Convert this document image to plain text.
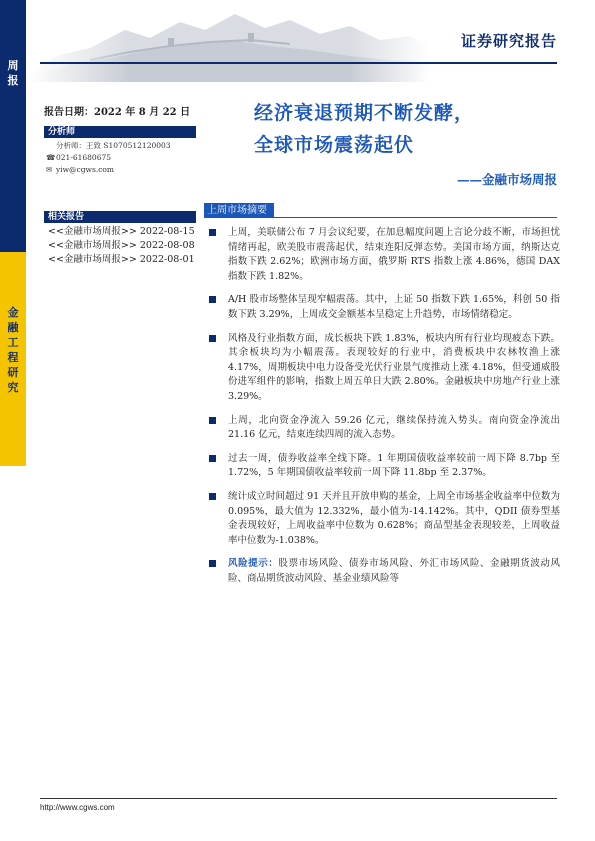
周
报
金
融
工
程
研
究
证券研究报告
报告日期：2022 年 8 月 22 日
分析师
分析师：王致 S1070512120003
☎021-61680675
✉ yiw@cgws.com
相关报告
<<金融市场周报>> 2022-08-15
<<金融市场周报>> 2022-08-08
<<金融市场周报>> 2022-08-01
经济衰退预期不断发酵，
全球市场震荡起伏
——金融市场周报
上周市场摘要
上周，美联储公布 7 月会议纪要，在加息幅度问题上言论分歧不断，市场担忧情绪再起，欧美股市震荡起伏，结束连阳反弹态势。美国市场方面，纳斯达克指数下跌 2.62%；欧洲市场方面，俄罗斯 RTS 指数上涨 4.86%，德国 DAX 指数下跌 1.82%。
A/H 股市场整体呈现窄幅震荡。其中，上证 50 指数下跌 1.65%，科创 50 指数下跌 3.29%，上周成交金额基本呈稳定上升趋势，市场情绪稳定。
风格及行业指数方面，成长板块下跌 1.83%，板块内所有行业均现疲态下跌。其余板块均为小幅震荡。表现较好的行业中，消费板块中农林牧渔上涨 4.17%，周期板块中电力设备受光伏行业景气度推动上涨 4.18%，但受通威股份进军组件的影响，指数上周五单日大跌 2.80%。金融板块中房地产行业上涨 3.29%。
上周，北向资金净流入 59.26 亿元，继续保持流入势头。南向资金净流出 21.16 亿元，结束连续四周的流入态势。
过去一周，债券收益率全线下降。1 年期国债收益率较前一周下降 8.7bp 至 1.72%，5 年期国债收益率较前一周下降 11.8bp 至 2.37%。
统计成立时间超过 91 天并且开放申购的基金，上周全市场基金收益率中位数为 0.095%，最大值为 12.332%，最小值为-14.142%。其中，QDII 债券型基金表现较好，上周收益率中位数为 0.628%；商品型基金表现较差，上周收益率中位数为-1.038%。
风险提示：股票市场风险、债券市场风险、外汇市场风险、金融期货波动风险、商品期货波动风险、基金业绩风险等
http://www.cgws.com
